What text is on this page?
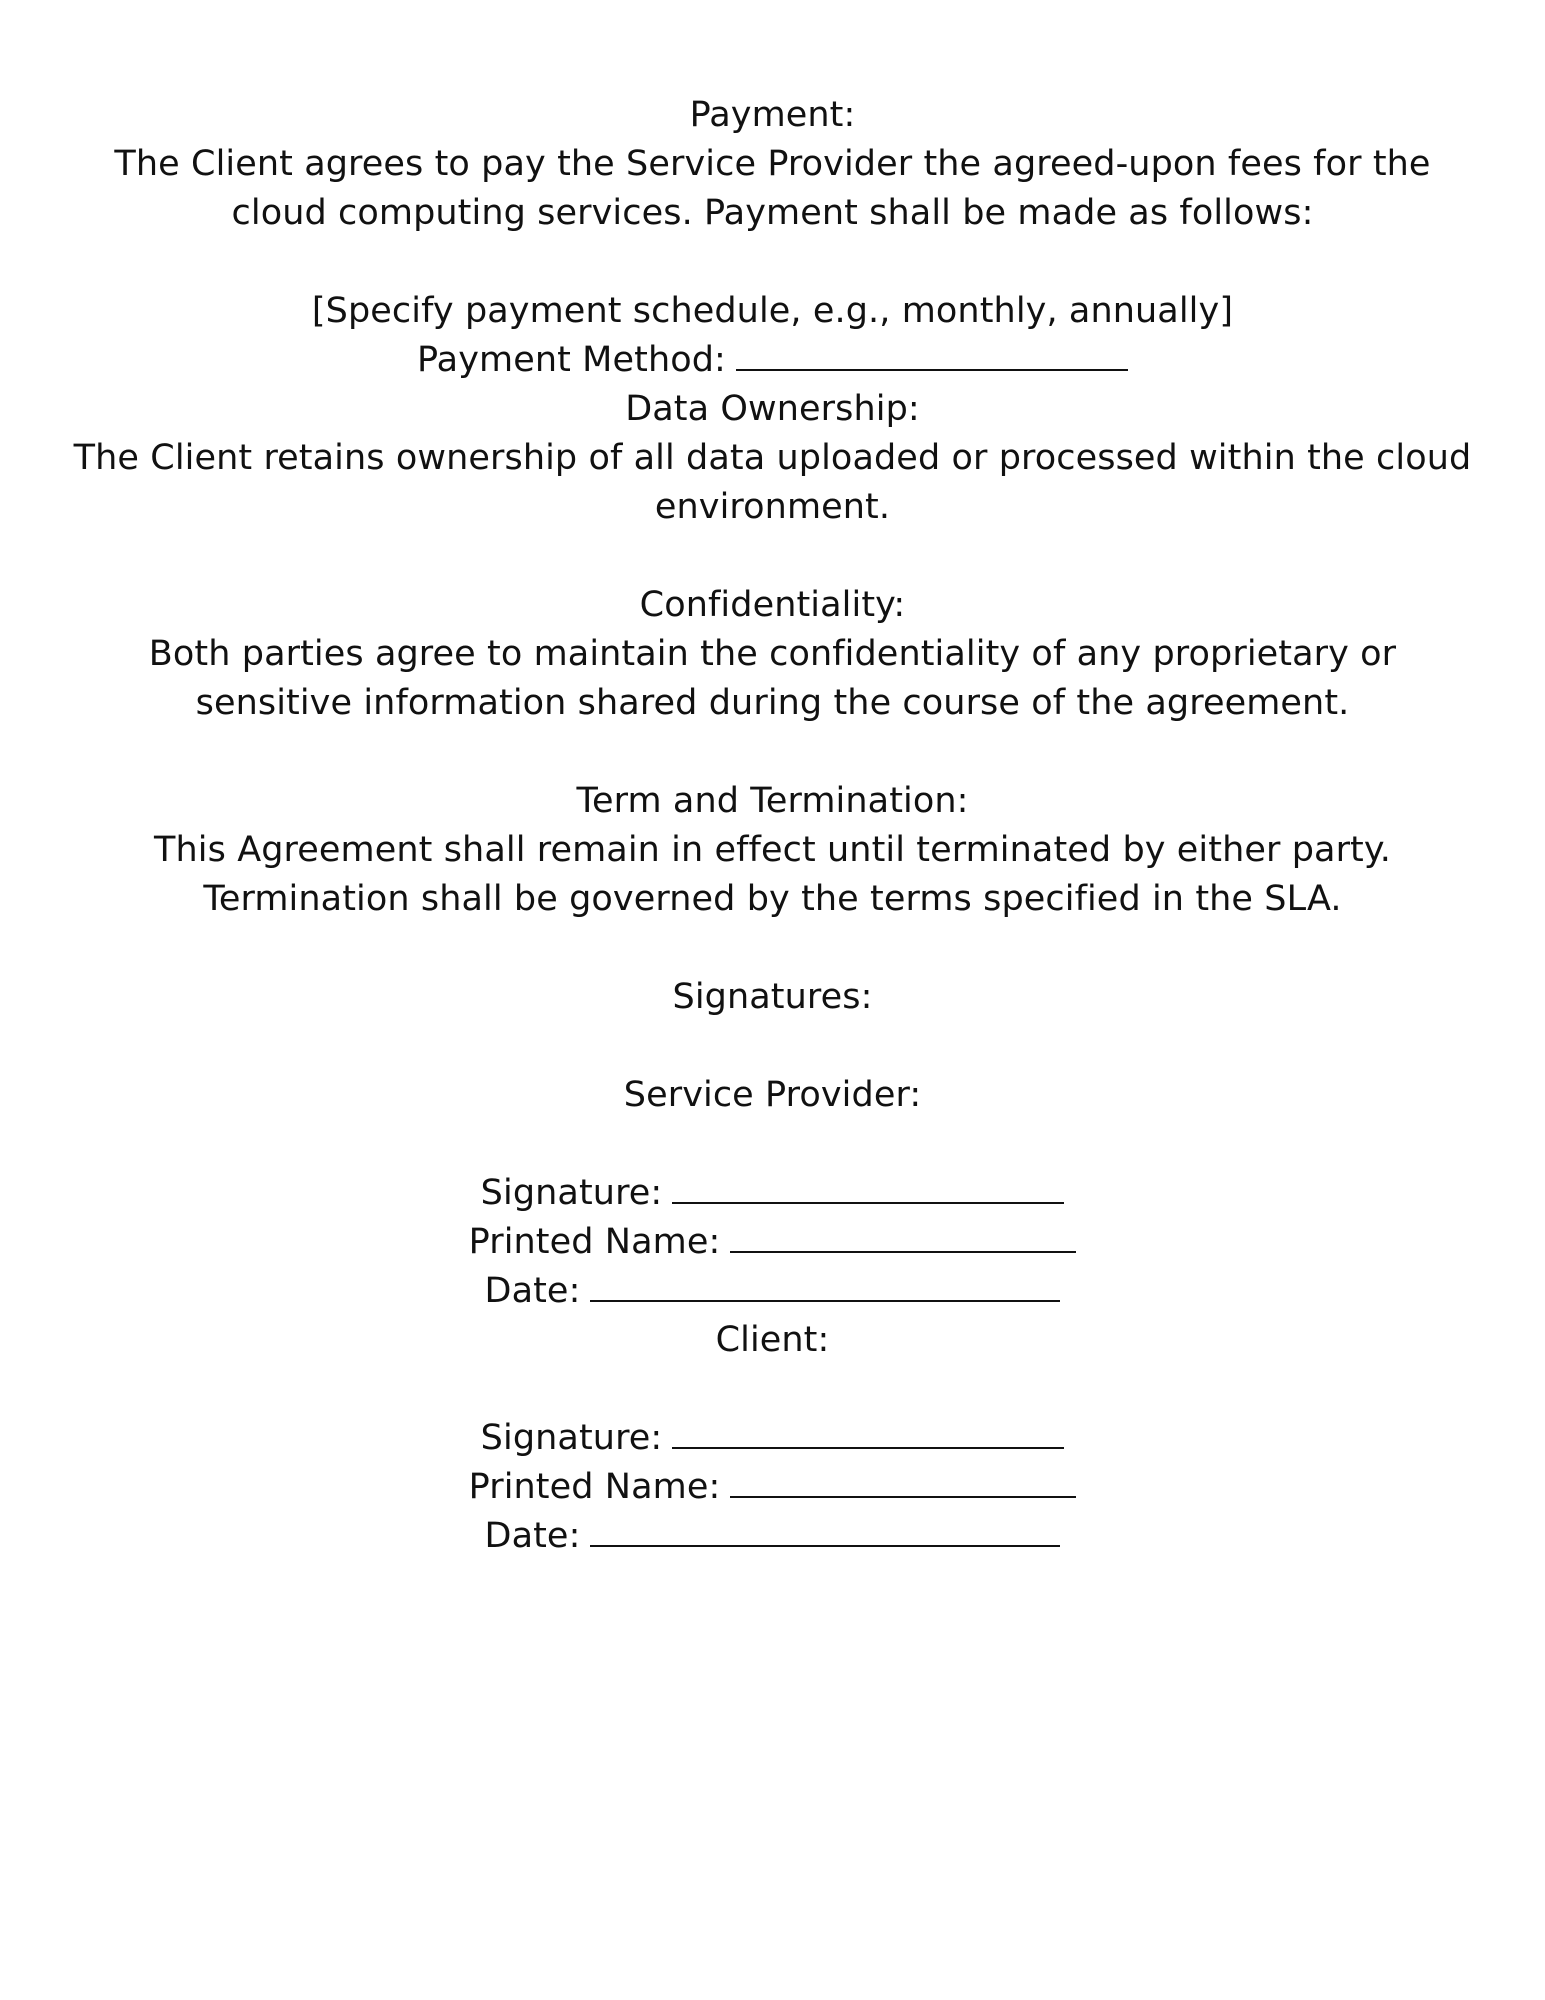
Payment:
The Client agrees to pay the Service Provider the agreed-upon fees for the
cloud computing services. Payment shall be made as follows:
[Specify payment schedule, e.g., monthly, annually]
Payment Method:
Data Ownership:
The Client retains ownership of all data uploaded or processed within the cloud
environment.
Confidentiality:
Both parties agree to maintain the confidentiality of any proprietary or
sensitive information shared during the course of the agreement.
Term and Termination:
This Agreement shall remain in effect until terminated by either party.
Termination shall be governed by the terms specified in the SLA.
Signatures:
Service Provider:
Signature:
Printed Name:
Date:
Client:
Signature:
Printed Name:
Date:
